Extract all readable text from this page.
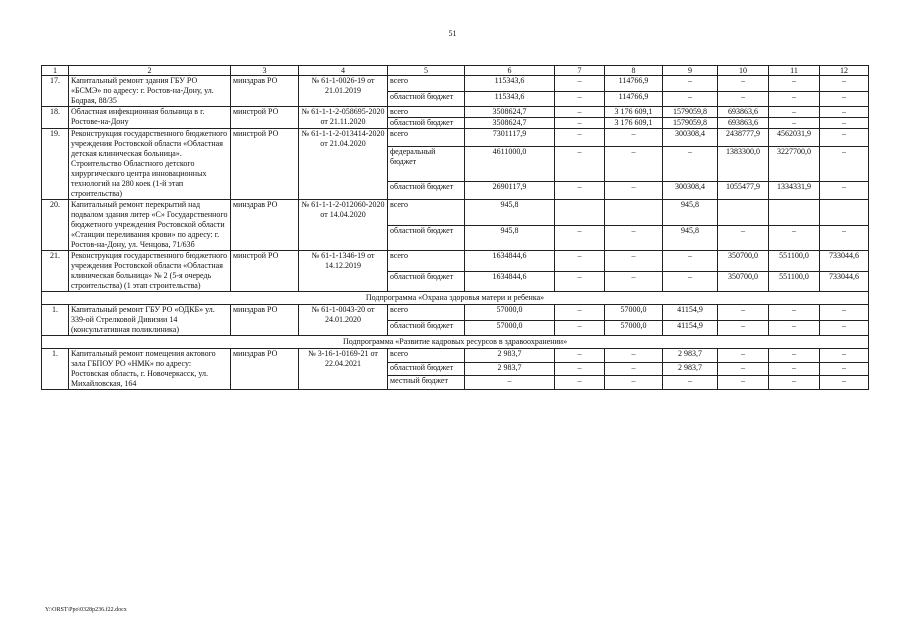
51
1	2	3	4	5	6	7	8	9	10	11	12
17.	Капитальный ремонт здания ГБУ РО «БСМЭ» по адресу: г. Ростов-на-Дону, ул. Бодрая, 88/35	минздрав РО	№ 61-1-0026-19 от 21.01.2019	всего	115343,6	–	114766,9	–	–	–	–
				областной бюджет	115343,6	–	114766,9	–	–	–	–
18.	Областная инфекционная больница в г. Ростове-на-Дону	минстрой РО	№ 61-1-1-2-058695-2020 от 21.11.2020	всего	3508624,7	–	3 176 609,1	1579059,8	693863,6	–	–
				областной бюджет	3508624,7	–	3 176 609,1	1579059,8	693863,6	–	–
19.	Реконструкция государственного бюджетного учреждения Ростовской области «Областная детская клиническая больница». Строительство Областного детского хирургического центра инновационных технологий на 280 коек (1-й этап строительства)	минстрой РО	№ 61-1-1-2-013414-2020 от 21.04.2020	всего	7301117,9	–	–	300308,4	2438777,9	4562031,9	–
				федеральный бюджет	4611000,0	–	–	–	1383300,0	3227700,0	–
				областной бюджет	2690117,9	–	–	300308,4	1055477,9	1334331,9	–
20.	Капитальный ремонт перекрытий над подвалом здания литер «С» Государственного бюджетного учреждения Ростовской области «Станции переливания крови» по адресу: г. Ростов-на-Дону, ул. Ченцова, 71/63б	минздрав РО	№ 61-1-1-2-012060-2020 от 14.04.2020	всего	945,8			945,8			
				областной бюджет	945,8	–	–	945,8	–	–	–
21.	Реконструкция государственного бюджетного учреждения Ростовской области «Областная клиническая больница» № 2 (5-я очередь строительства) (1 этап строительства)	минстрой РО	№ 61-1-1346-19 от 14.12.2019	всего	1634844,6	–	–	–	350700,0	551100,0	733044,6
				областной бюджет	1634844,6	–	–	–	350700,0	551100,0	733044,6
Подпрограмма «Охрана здоровья матери и ребенка»											
1.	Капитальный ремонт ГБУ РО «ОДКБ» ул. 339-ой Стрелковой Дивизии 14 (консультативная поликлиника)	минздрав РО	№ 61-1-0043-20 от 24.01.2020	всего	57000,0	–	57000,0	41154,9	–	–	–
				областной бюджет	57000,0	–	57000,0	41154,9	–	–	–
Подпрограмма «Развитие кадровых ресурсов в здравоохранении»											
1.	Капитальный ремонт помещения актового зала ГБПОУ РО «НМК» по адресу: Ростовская область, г. Новочеркасск, ул. Михайловская, 164	минздрав РО	№ 3-16-1-0169-21 от 22.04.2021	всего	2 983,7	–	–	2 983,7	–	–	–
				областной бюджет	2 983,7	–	–	2 983,7	–	–	–
				местный бюджет	–	–	–	–	–	–	–
Y:\ORST\Ppo\0328p236.f22.docx
